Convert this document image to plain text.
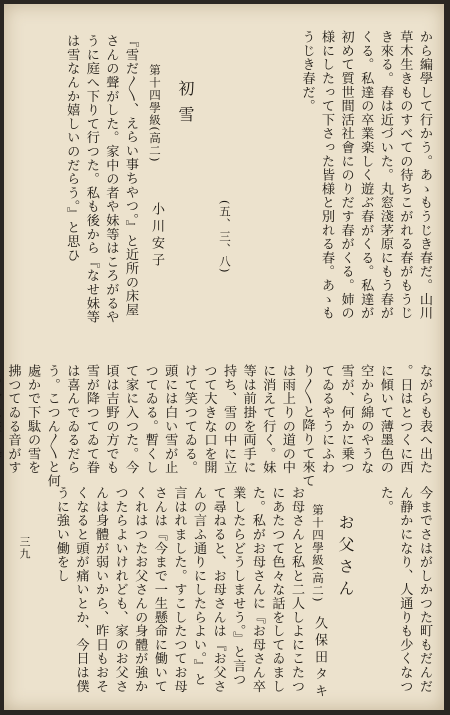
から編學して行かう。あゝもうじき春だ。山川草木生きものすべての待ちこがれる春がもうじき來る。春は近づいた。丸窓淺茅原にもう春がくる。私達の卒業楽しく遊ぶ春がくる。私達が初めて質世間活社會にのりだす春がくる。姉の様にしたって下さった皆様と別れる春。あゝもうじき春だ。
(五、三、八)
初雪
第十四學級(高二)
小川安子
『雪だ〳〵、えらい事ちやつ。』と近所の床屋さんの聲がした。家中の者や妹等はころがるやうに庭へ下りて行つた。私も後から『なせ妹等は雪なんか嬉しいのだらう。』と思ひ
ながらも表へ出た。日はとつくに西に傾いて薄墨色の空から綿のやうな雪が、何かに乗つてゐるやうにふわり〳〵と降りて來ては雨上りの道の中に消えて行く。妹等は前掛を両手に持ち、雪の中に立つて大きな口を開けて笑つてゐる。頭には白い雪が止つてゐる。暫くして家に入つた。今頃は吉野の方でも雪が降つてゐて眷は喜んでゐるだらう。こつん〳〵と何處かで下駄の雪を拂つてゐる音がす
今までさはがしかつた町もだんだん静かになり、人通りも少くなつた。
お父さん
第十四學級(高二)
久保田タキ
お母さんと私と二人しよにこたつにあたつて色々な話をしてゐました。私がお母さんに『お母さん卒業したらどうしませう。』と言つて尋ねると、お母さんは『お父さんの言ふ通りにしたらよい。』と言はれました。すこしたつてお母さんは『今まで一生懸命に働いてくれはつたお父さんの身體が強かつたらよいけれども、家のお父さんは身體が弱いから、昨日もおそくなると頭が痛いとか、今日は僕うに強い働をし
三九
